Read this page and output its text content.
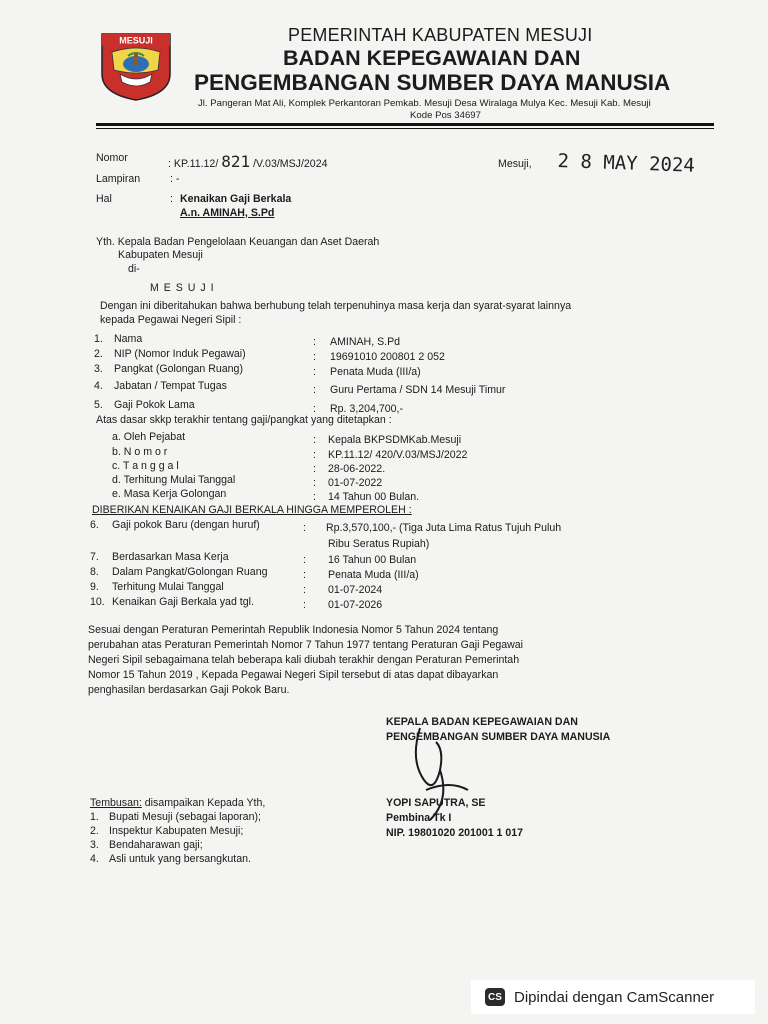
MESUJI	PEMERINTAH KABUPATEN MESUJI
BADAN KEPEGAWAIAN DAN
PENGEMBANGAN SUMBER DAYA MANUSIA
Jl. Pangeran Mat Ali, Komplek Perkantoran Pemkab. Mesuji Desa Wiralaga Mulya Kec. Mesuji Kab. Mesuji
Kode Pos 34697
Nomor	: KP.11.12/ 821 /V.03/MSJ/2024	Mesuji, 2 8 MAY 2024
Lampiran	: -
Hal	: Kenaikan Gaji Berkala
A.n. AMINAH, S.Pd
Yth. Kepala Badan Pengelolaan Keuangan dan Aset Daerah
Kabupaten Mesuji
di-
M E S U J I
Dengan ini diberitahukan bahwa berhubung telah terpenuhinya masa kerja dan syarat-syarat lainnya
kepada Pegawai Negeri Sipil :
1. Nama	: AMINAH, S.Pd
2. NIP (Nomor Induk Pegawai)	: 19691010 200801 2 052
3. Pangkat (Golongan Ruang)	: Penata Muda (III/a)
4. Jabatan / Tempat Tugas	: Guru Pertama / SDN 14 Mesuji Timur
5. Gaji Pokok Lama	: Rp. 3,204,700,-
Atas dasar skkp terakhir tentang gaji/pangkat yang ditetapkan :
a. Oleh Pejabat	: Kepala BKPSDMKab.Mesuji
b. N o m o r	: KP.11.12/ 420/V.03/MSJ/2022
c. T a n g g a l	: 28-06-2022.
d. Terhitung Mulai Tanggal	: 01-07-2022
e. Masa Kerja Golongan	: 14 Tahun 00 Bulan.
DIBERIKAN KENAIKAN GAJI BERKALA HINGGA MEMPEROLEH :
6. Gaji pokok Baru (dengan huruf)	: Rp.3,570,100,- (Tiga Juta Lima Ratus Tujuh Puluh
Ribu Seratus Rupiah)
7. Berdasarkan Masa Kerja	: 16 Tahun 00 Bulan
8. Dalam Pangkat/Golongan Ruang	: Penata Muda (III/a)
9. Terhitung Mulai Tanggal	: 01-07-2024
10. Kenaikan Gaji Berkala yad tgl.	: 01-07-2026
Sesuai dengan Peraturan Pemerintah Republik Indonesia Nomor 5 Tahun 2024 tentang
perubahan atas Peraturan Pemerintah Nomor 7 Tahun 1977 tentang Peraturan Gaji Pegawai
Negeri Sipil sebagaimana telah beberapa kali diubah terakhir dengan Peraturan Pemerintah
Nomor 15 Tahun 2019 , Kepada Pegawai Negeri Sipil tersebut di atas dapat dibayarkan
penghasilan berdasarkan Gaji Pokok Baru.
KEPALA BADAN KEPEGAWAIAN DAN
PENGEMBANGAN SUMBER DAYA MANUSIA
YOPI SAPUTRA, SE
Pembina Tk I
NIP. 19801020 201001 1 017
Tembusan: disampaikan Kepada Yth,
1. Bupati Mesuji (sebagai laporan);
2. Inspektur Kabupaten Mesuji;
3. Bendaharawan gaji;
4. Asli untuk yang bersangkutan.
CS Dipindai dengan CamScanner
